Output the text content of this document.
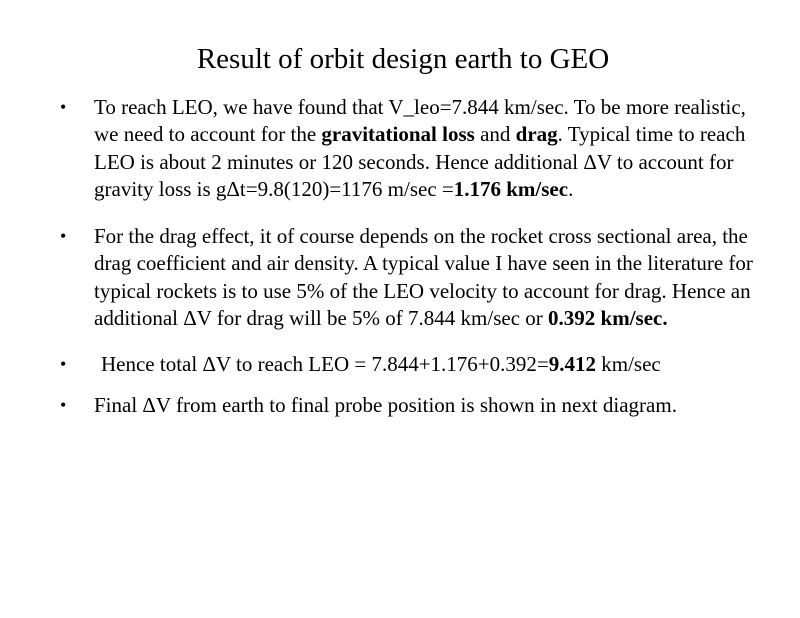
Result of orbit design earth to GEO
• To reach LEO, we have found that V_leo=7.844 km/sec. To be more realistic, we need to account for the gravitational loss and drag. Typical time to reach LEO is about 2 minutes or 120 seconds. Hence additional ΔV to account for gravity loss is gΔt=9.8(120)=1176 m/sec =1.176 km/sec.
• For the drag effect, it of course depends on the rocket cross sectional area, the drag coefficient and air density. A typical value I have seen in the literature for typical rockets is to use 5% of the LEO velocity to account for drag. Hence an additional ΔV for drag will be 5% of 7.844 km/sec or 0.392 km/sec.
• Hence total ΔV to reach LEO = 7.844+1.176+0.392=9.412 km/sec
• Final ΔV from earth to final probe position is shown in next diagram.
